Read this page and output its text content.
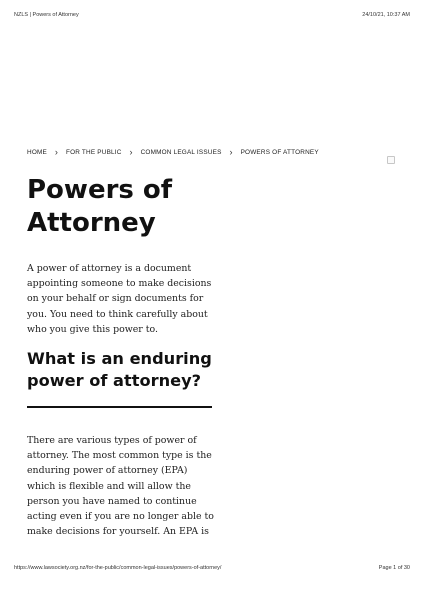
NZLS | Powers of Attorney	24/10/21, 10:37 AM
HOME ›	FOR THE PUBLIC ›	COMMON LEGAL ISSUES ›	POWERS OF ATTORNEY
Powers of
Attorney

A power of attorney is a document appointing someone to make decisions on your behalf or sign documents for you. You need to think carefully about who you give this power to.

What is an enduring power of attorney?

There are various types of power of attorney. The most common type is the enduring power of attorney (EPA) which is flexible and will allow the person you have named to continue acting even if you are no longer able to make decisions for yourself. An EPA is

https://www.lawsociety.org.nz/for-the-public/common-legal-issues/powers-of-attorney/	Page 1 of 30
